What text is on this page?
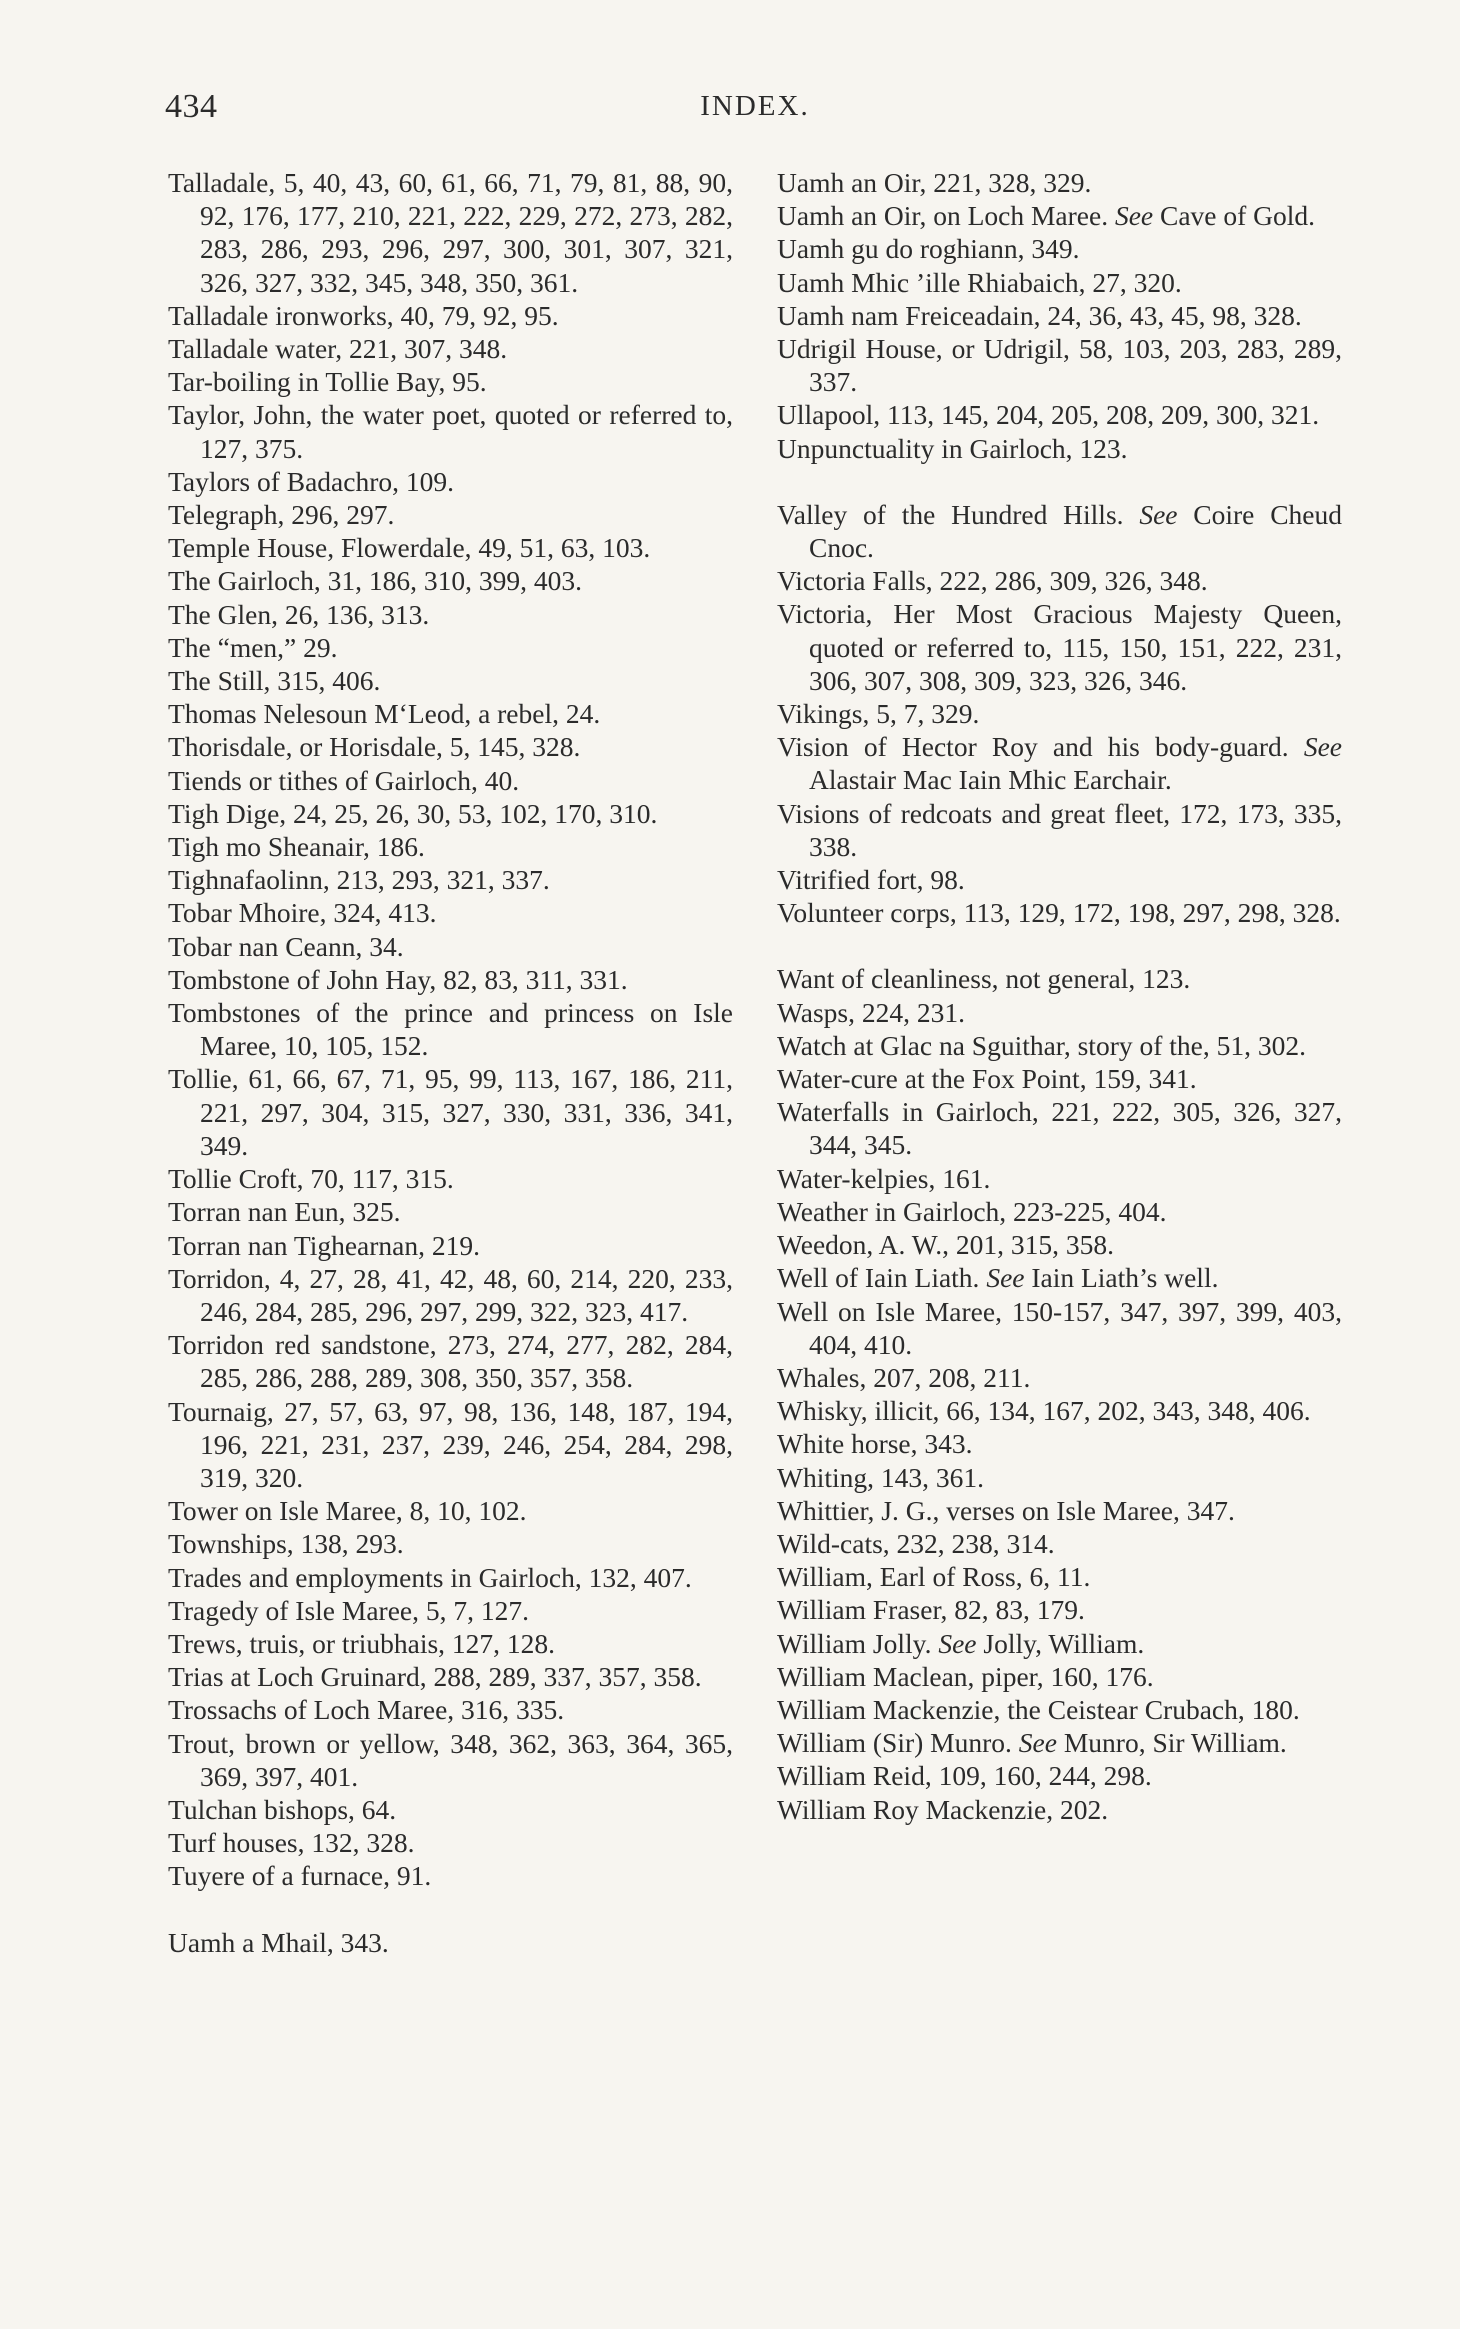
434	INDEX.
Talladale, 5, 40, 43, 60, 61, 66, 71, 79, 81, 88, 90, 92, 176, 177, 210, 221, 222, 229, 272, 273, 282, 283, 286, 293, 296, 297, 300, 301, 307, 321, 326, 327, 332, 345, 348, 350, 361.
Talladale ironworks, 40, 79, 92, 95.
Talladale water, 221, 307, 348.
Tar-boiling in Tollie Bay, 95.
Taylor, John, the water poet, quoted or referred to, 127, 375.
Taylors of Badachro, 109.
Telegraph, 296, 297.
Temple House, Flowerdale, 49, 51, 63, 103.
The Gairloch, 31, 186, 310, 399, 403.
The Glen, 26, 136, 313.
The “men,” 29.
The Still, 315, 406.
Thomas Nelesoun M‘Leod, a rebel, 24.
Thorisdale, or Horisdale, 5, 145, 328.
Tiends or tithes of Gairloch, 40.
Tigh Dige, 24, 25, 26, 30, 53, 102, 170, 310.
Tigh mo Sheanair, 186.
Tighnafaolinn, 213, 293, 321, 337.
Tobar Mhoire, 324, 413.
Tobar nan Ceann, 34.
Tombstone of John Hay, 82, 83, 311, 331.
Tombstones of the prince and princess on Isle Maree, 10, 105, 152.
Tollie, 61, 66, 67, 71, 95, 99, 113, 167, 186, 211, 221, 297, 304, 315, 327, 330, 331, 336, 341, 349.
Tollie Croft, 70, 117, 315.
Torran nan Eun, 325.
Torran nan Tighearnan, 219.
Torridon, 4, 27, 28, 41, 42, 48, 60, 214, 220, 233, 246, 284, 285, 296, 297, 299, 322, 323, 417.
Torridon red sandstone, 273, 274, 277, 282, 284, 285, 286, 288, 289, 308, 350, 357, 358.
Tournaig, 27, 57, 63, 97, 98, 136, 148, 187, 194, 196, 221, 231, 237, 239, 246, 254, 284, 298, 319, 320.
Tower on Isle Maree, 8, 10, 102.
Townships, 138, 293.
Trades and employments in Gairloch, 132, 407.
Tragedy of Isle Maree, 5, 7, 127.
Trews, truis, or triubhais, 127, 128.
Trias at Loch Gruinard, 288, 289, 337, 357, 358.
Trossachs of Loch Maree, 316, 335.
Trout, brown or yellow, 348, 362, 363, 364, 365, 369, 397, 401.
Tulchan bishops, 64.
Turf houses, 132, 328.
Tuyere of a furnace, 91.
Uamh a Mhail, 343.
Uamh an Oir, 221, 328, 329.
Uamh an Oir, on Loch Maree. See Cave of Gold.
Uamh gu do roghiann, 349.
Uamh Mhic ’ille Rhiabaich, 27, 320.
Uamh nam Freiceadain, 24, 36, 43, 45, 98, 328.
Udrigil House, or Udrigil, 58, 103, 203, 283, 289, 337.
Ullapool, 113, 145, 204, 205, 208, 209, 300, 321.
Unpunctuality in Gairloch, 123.
Valley of the Hundred Hills. See Coire Cheud Cnoc.
Victoria Falls, 222, 286, 309, 326, 348.
Victoria, Her Most Gracious Majesty Queen, quoted or referred to, 115, 150, 151, 222, 231, 306, 307, 308, 309, 323, 326, 346.
Vikings, 5, 7, 329.
Vision of Hector Roy and his body-guard. See Alastair Mac Iain Mhic Earchair.
Visions of redcoats and great fleet, 172, 173, 335, 338.
Vitrified fort, 98.
Volunteer corps, 113, 129, 172, 198, 297, 298, 328.
Want of cleanliness, not general, 123.
Wasps, 224, 231.
Watch at Glac na Sguithar, story of the, 51, 302.
Water-cure at the Fox Point, 159, 341.
Waterfalls in Gairloch, 221, 222, 305, 326, 327, 344, 345.
Water-kelpies, 161.
Weather in Gairloch, 223-225, 404.
Weedon, A. W., 201, 315, 358.
Well of Iain Liath. See Iain Liath’s well.
Well on Isle Maree, 150-157, 347, 397, 399, 403, 404, 410.
Whales, 207, 208, 211.
Whisky, illicit, 66, 134, 167, 202, 343, 348, 406.
White horse, 343.
Whiting, 143, 361.
Whittier, J. G., verses on Isle Maree, 347.
Wild-cats, 232, 238, 314.
William, Earl of Ross, 6, 11.
William Fraser, 82, 83, 179.
William Jolly. See Jolly, William.
William Maclean, piper, 160, 176.
William Mackenzie, the Ceistear Crubach, 180.
William (Sir) Munro. See Munro, Sir William.
William Reid, 109, 160, 244, 298.
William Roy Mackenzie, 202.
